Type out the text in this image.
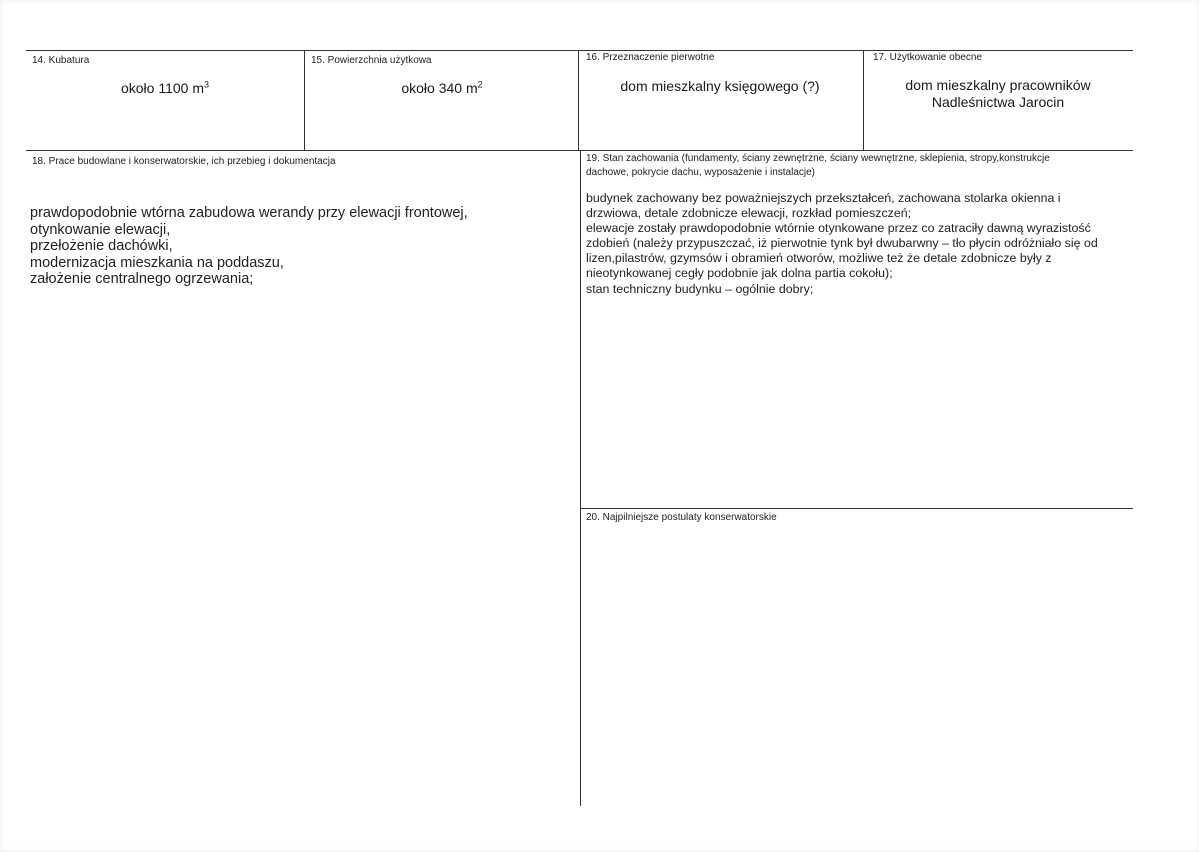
14. Kubatura
około 1100 $m^3$
15. Powierzchnia użytkowa
około 340 $m^2$
16. Przeznaczenie pierwotne
dom mieszkalny księgowego (?)
17. Użytkowanie obecne
dom mieszkalny pracowników
Nadleśnictwa Jarocin
18. Prace budowlane i konserwatorskie, ich przebieg i dokumentacja
prawdopodobnie wtórna zabudowa werandy przy elewacji frontowej,
otynkowanie elewacji,
przełożenie dachówki,
modernizacja mieszkania na poddaszu,
założenie centralnego ogrzewania;
19. Stan zachowania (fundamenty, ściany zewnętrzne, ściany wewnętrzne, sklepienia, stropy,konstrukcje
dachowe, pokrycie dachu, wyposażenie i instalacje)
budynek zachowany bez poważniejszych przekształceń, zachowana stolarka okienna i
drzwiowa, detale zdobnicze elewacji, rozkład pomieszczeń;
elewacje zostały prawdopodobnie wtórnie otynkowane przez co zatraciły dawną wyrazistość
zdobień (należy przypuszczać, iż pierwotnie tynk był dwubarwny – tło płycin odróżniało się od
lizen,pilastrów, gzymsów i obramień otworów, możliwe też że detale zdobnicze były z
nieotynkowanej cegły podobnie jak dolna partia cokołu);
stan techniczny budynku – ogólnie dobry;
20. Najpilniejsze postulaty konserwatorskie
